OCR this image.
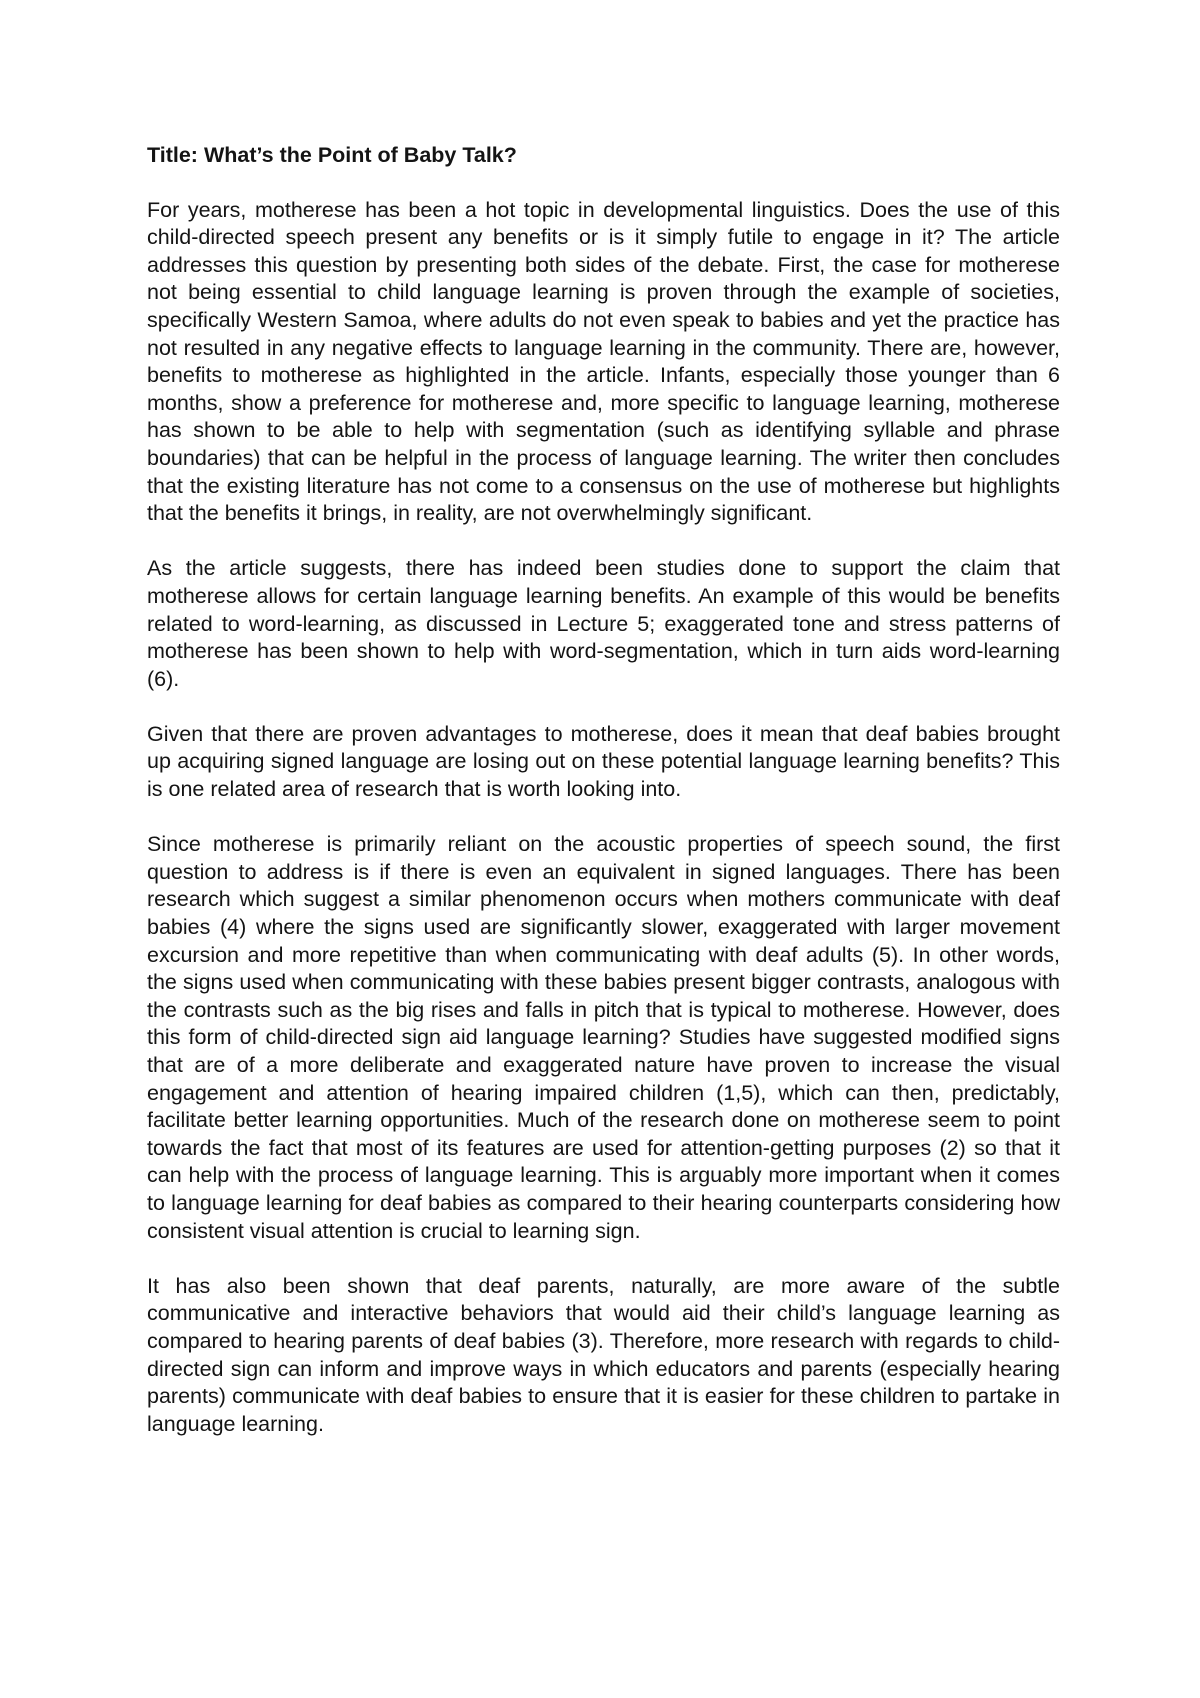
Title: What’s the Point of Baby Talk?

For years, motherese has been a hot topic in developmental linguistics. Does the use of this child-directed speech present any benefits or is it simply futile to engage in it? The article addresses this question by presenting both sides of the debate. First, the case for motherese not being essential to child language learning is proven through the example of societies, specifically Western Samoa, where adults do not even speak to babies and yet the practice has not resulted in any negative effects to language learning in the community. There are, however, benefits to motherese as highlighted in the article. Infants, especially those younger than 6 months, show a preference for motherese and, more specific to language learning, motherese has shown to be able to help with segmentation (such as identifying syllable and phrase boundaries) that can be helpful in the process of language learning. The writer then concludes that the existing literature has not come to a consensus on the use of motherese but highlights that the benefits it brings, in reality, are not overwhelmingly significant.

As the article suggests, there has indeed been studies done to support the claim that motherese allows for certain language learning benefits. An example of this would be benefits related to word-learning, as discussed in Lecture 5; exaggerated tone and stress patterns of motherese has been shown to help with word-segmentation, which in turn aids word-learning (6).

Given that there are proven advantages to motherese, does it mean that deaf babies brought up acquiring signed language are losing out on these potential language learning benefits? This is one related area of research that is worth looking into.

Since motherese is primarily reliant on the acoustic properties of speech sound, the first question to address is if there is even an equivalent in signed languages. There has been research which suggest a similar phenomenon occurs when mothers communicate with deaf babies (4) where the signs used are significantly slower, exaggerated with larger movement excursion and more repetitive than when communicating with deaf adults (5). In other words, the signs used when communicating with these babies present bigger contrasts, analogous with the contrasts such as the big rises and falls in pitch that is typical to motherese. However, does this form of child-directed sign aid language learning? Studies have suggested modified signs that are of a more deliberate and exaggerated nature have proven to increase the visual engagement and attention of hearing impaired children (1,5), which can then, predictably, facilitate better learning opportunities. Much of the research done on motherese seem to point towards the fact that most of its features are used for attention-getting purposes (2) so that it can help with the process of language learning. This is arguably more important when it comes to language learning for deaf babies as compared to their hearing counterparts considering how consistent visual attention is crucial to learning sign.

It has also been shown that deaf parents, naturally, are more aware of the subtle communicative and interactive behaviors that would aid their child’s language learning as compared to hearing parents of deaf babies (3). Therefore, more research with regards to child-directed sign can inform and improve ways in which educators and parents (especially hearing parents) communicate with deaf babies to ensure that it is easier for these children to partake in language learning.
